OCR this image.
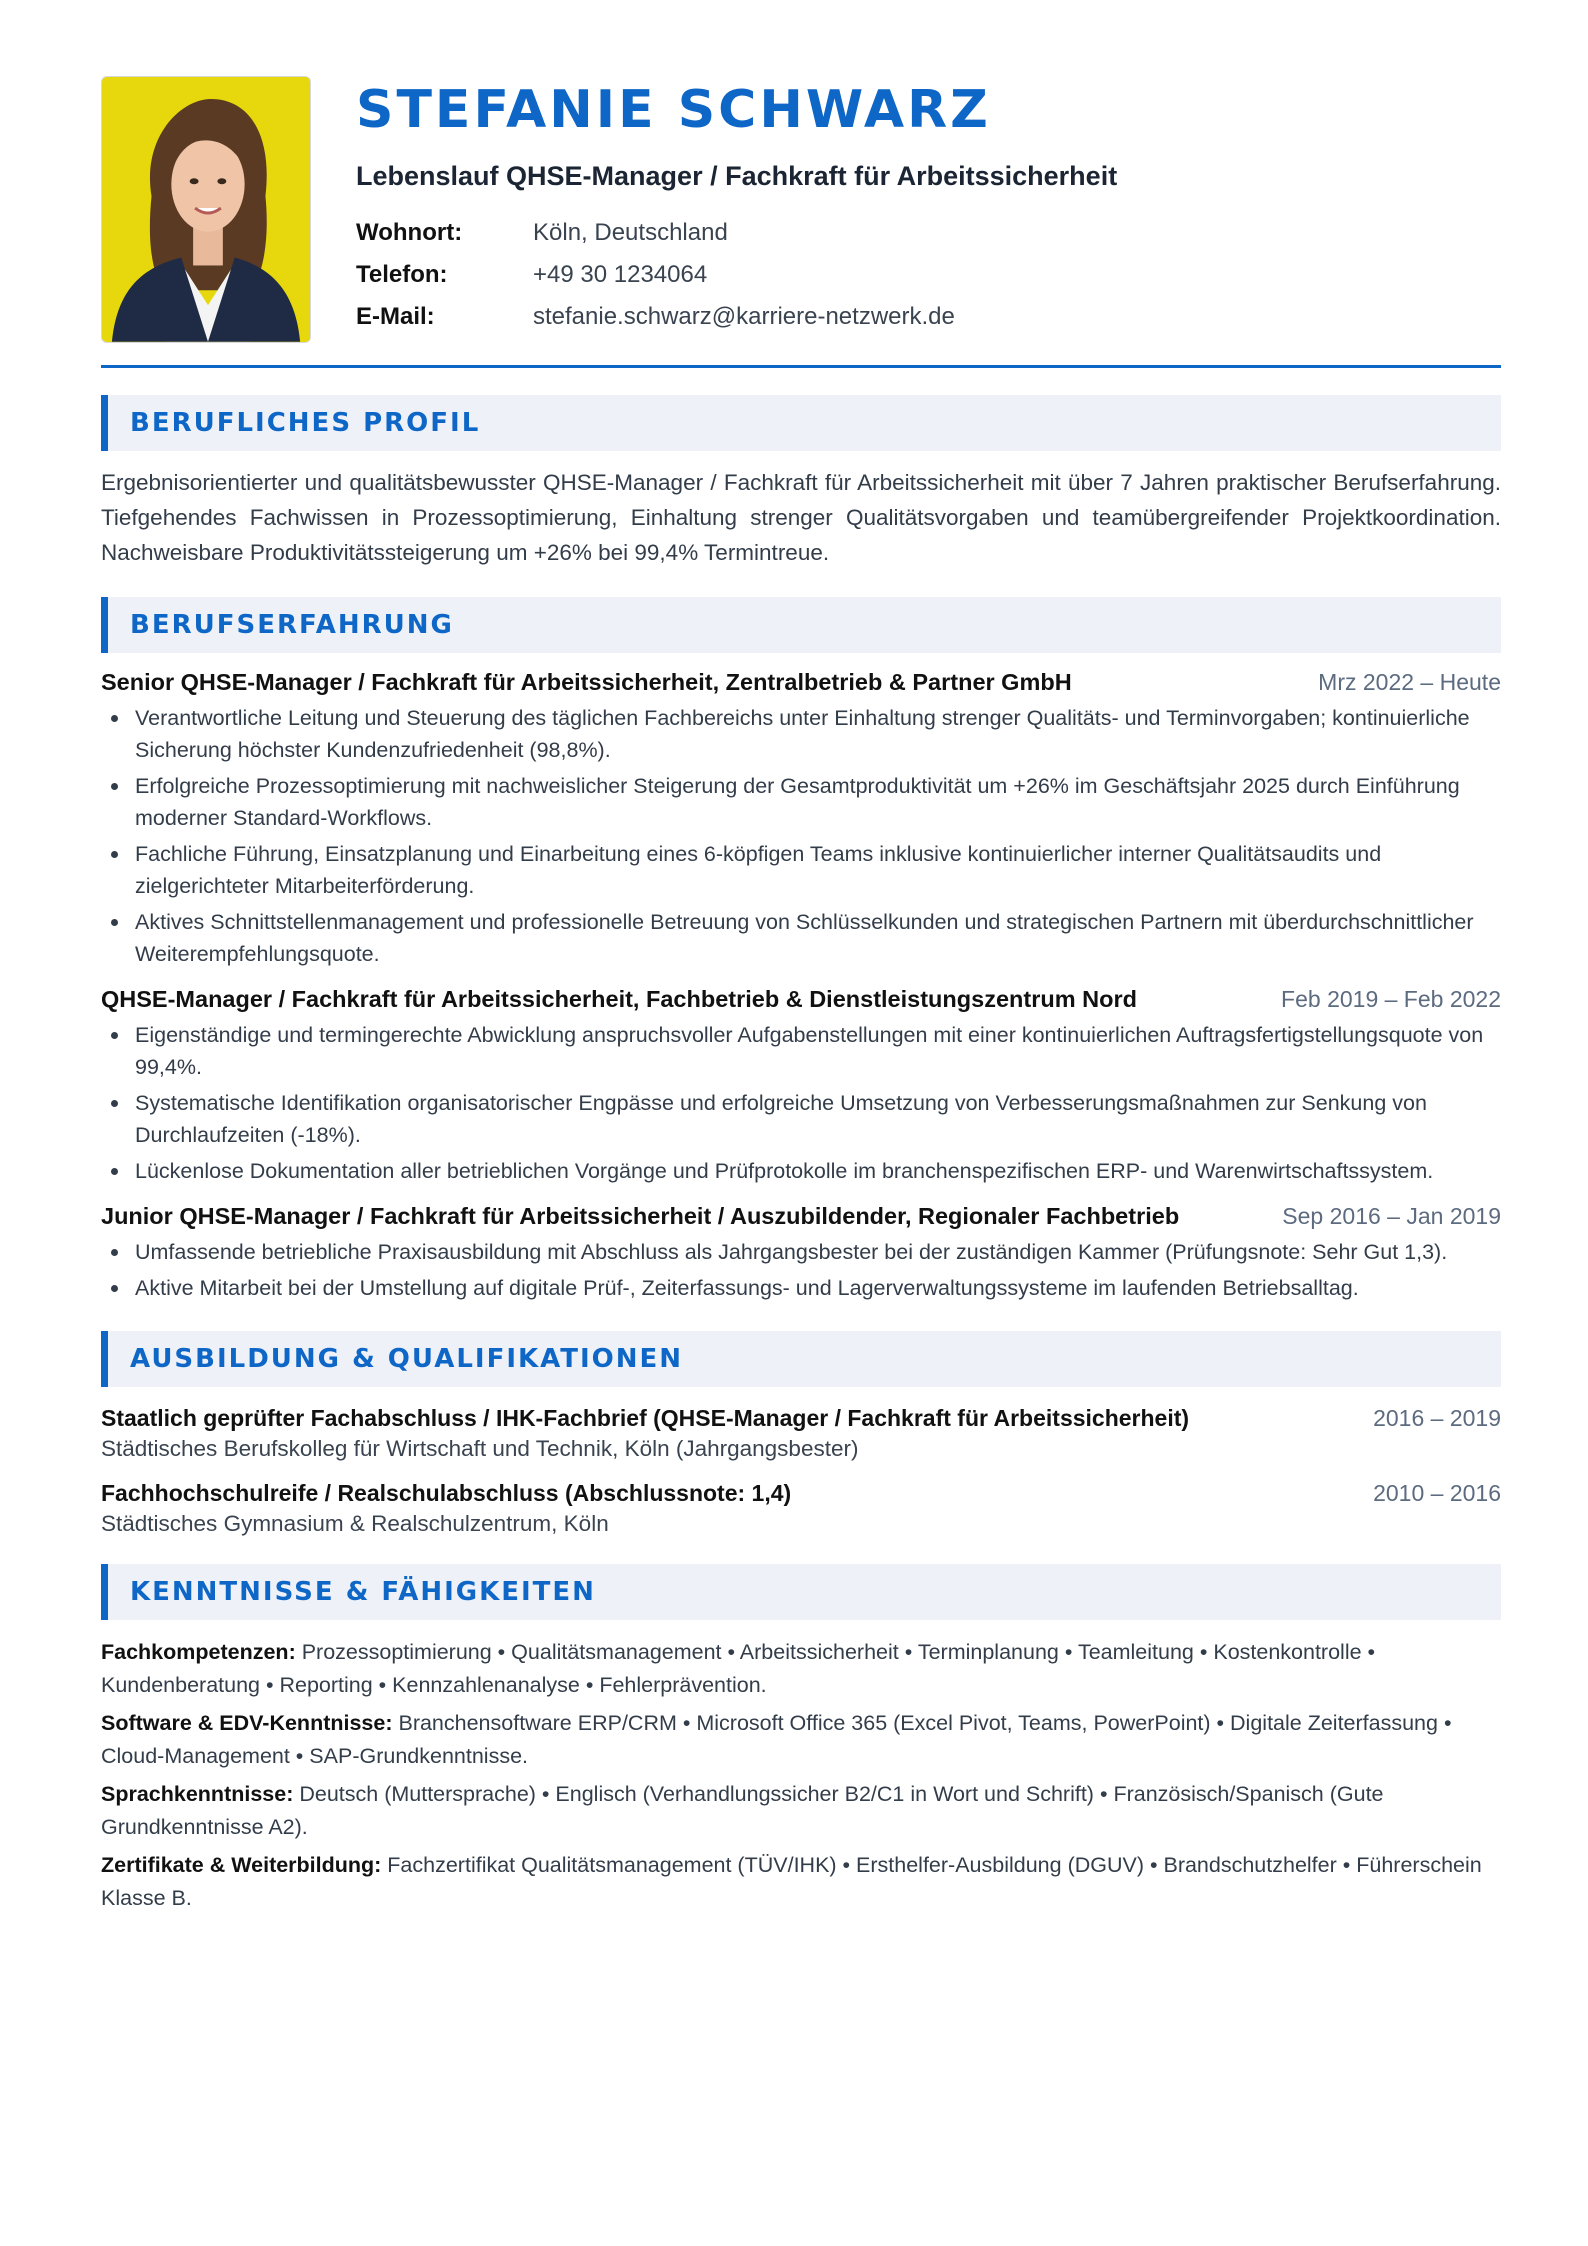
STEFANIE SCHWARZ
Lebenslauf QHSE-Manager / Fachkraft für Arbeitssicherheit
Wohnort:	Köln, Deutschland
Telefon:	+49 30 1234064
E-Mail:	stefanie.schwarz@karriere-netzwerk.de
BERUFLICHES PROFIL

Ergebnisorientierter und qualitätsbewusster QHSE-Manager / Fachkraft für Arbeitssicherheit mit über 7 Jahren praktischer Berufserfahrung. Tiefgehendes Fachwissen in Prozessoptimierung, Einhaltung strenger Qualitätsvorgaben und teamübergreifender Projektkoordination. Nachweisbare Produktivitätssteigerung um +26% bei 99,4% Termintreue.

BERUFSERFAHRUNG
Senior QHSE-Manager / Fachkraft für Arbeitssicherheit, Zentralbetrieb & Partner GmbH	Mrz 2022 – Heute
Verantwortliche Leitung und Steuerung des täglichen Fachbereichs unter Einhaltung strenger Qualitäts- und Terminvorgaben; kontinuierliche Sicherung höchster Kundenzufriedenheit (98,8%).
Erfolgreiche Prozessoptimierung mit nachweislicher Steigerung der Gesamtproduktivität um +26% im Geschäftsjahr 2025 durch Einführung moderner Standard-Workflows.
Fachliche Führung, Einsatzplanung und Einarbeitung eines 6-köpfigen Teams inklusive kontinuierlicher interner Qualitätsaudits und zielgerichteter Mitarbeiterförderung.
Aktives Schnittstellenmanagement und professionelle Betreuung von Schlüsselkunden und strategischen Partnern mit überdurchschnittlicher Weiterempfehlungsquote.
QHSE-Manager / Fachkraft für Arbeitssicherheit, Fachbetrieb & Dienstleistungszentrum Nord	Feb 2019 – Feb 2022
Eigenständige und termingerechte Abwicklung anspruchsvoller Aufgabenstellungen mit einer kontinuierlichen Auftragsfertigstellungsquote von 99,4%.
Systematische Identifikation organisatorischer Engpässe und erfolgreiche Umsetzung von Verbesserungsmaßnahmen zur Senkung von Durchlaufzeiten (-18%).
Lückenlose Dokumentation aller betrieblichen Vorgänge und Prüfprotokolle im branchenspezifischen ERP- und Warenwirtschaftssystem.
Junior QHSE-Manager / Fachkraft für Arbeitssicherheit / Auszubildender, Regionaler Fachbetrieb	Sep 2016 – Jan 2019
Umfassende betriebliche Praxisausbildung mit Abschluss als Jahrgangsbester bei der zuständigen Kammer (Prüfungsnote: Sehr Gut 1,3).
Aktive Mitarbeit bei der Umstellung auf digitale Prüf-, Zeiterfassungs- und Lagerverwaltungssysteme im laufenden Betriebsalltag.
AUSBILDUNG & QUALIFIKATIONEN
Staatlich geprüfter Fachabschluss / IHK-Fachbrief (QHSE-Manager / Fachkraft für Arbeitssicherheit)	2016 – 2019
Städtisches Berufskolleg für Wirtschaft und Technik, Köln (Jahrgangsbester)
Fachhochschulreife / Realschulabschluss (Abschlussnote: 1,4)	2010 – 2016
Städtisches Gymnasium & Realschulzentrum, Köln
KENNTNISSE & FÄHIGKEITEN
Fachkompetenzen: Prozessoptimierung • Qualitätsmanagement • Arbeitssicherheit • Terminplanung • Teamleitung • Kostenkontrolle • Kundenberatung • Reporting • Kennzahlenanalyse • Fehlerprävention.
Software & EDV-Kenntnisse: Branchensoftware ERP/CRM • Microsoft Office 365 (Excel Pivot, Teams, PowerPoint) • Digitale Zeiterfassung • Cloud-Management • SAP-Grundkenntnisse.
Sprachkenntnisse: Deutsch (Muttersprache) • Englisch (Verhandlungssicher B2/C1 in Wort und Schrift) • Französisch/Spanisch (Gute Grundkenntnisse A2).
Zertifikate & Weiterbildung: Fachzertifikat Qualitätsmanagement (TÜV/IHK) • Ersthelfer-Ausbildung (DGUV) • Brandschutzhelfer • Führerschein Klasse B.
